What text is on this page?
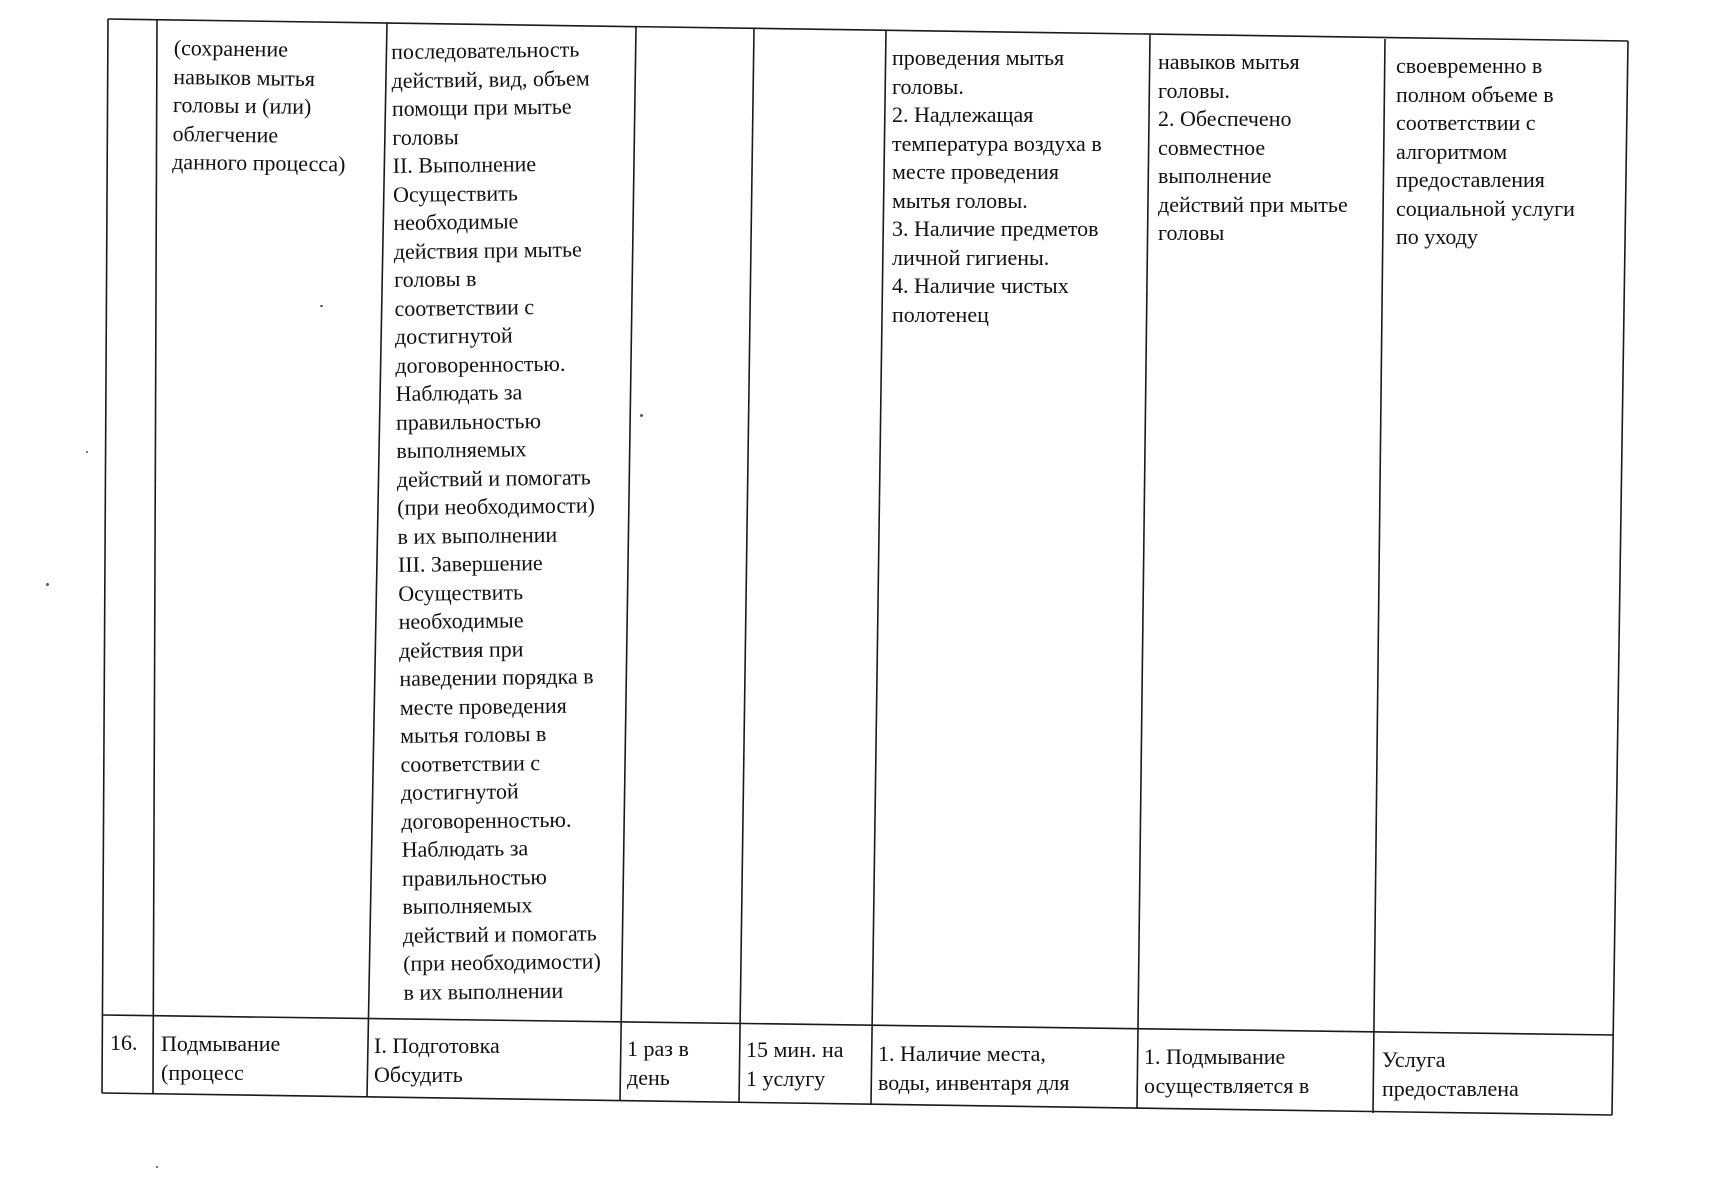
(сохранение
навыков мытья
головы и (или)
облегчение
данного процесса)

последовательность
действий, вид, объем
помощи при мытье
головы
II. Выполнение
Осуществить
необходимые
действия при мытье
головы в
соответствии с
достигнутой
договоренностью.
Наблюдать за
правильностью
выполняемых
действий и помогать
(при необходимости)
в их выполнении
III. Завершение
Осуществить
необходимые
действия при
наведении порядка в
месте проведения
мытья головы в
соответствии с
достигнутой
договоренностью.
Наблюдать за
правильностью
выполняемых
действий и помогать
(при необходимости)
в их выполнении

проведения мытья
головы.
2. Надлежащая
температура воздуха в
месте проведения
мытья головы.
3. Наличие предметов
личной гигиены.
4. Наличие чистых
полотенец

навыков мытья
головы.
2. Обеспечено
совместное
выполнение
действий при мытье
головы

своевременно в
полном объеме в
соответствии с
алгоритмом
предоставления
социальной услуги
по уходу

16. Подмывание
(процесс

I. Подготовка
Обсудить

1 раз в
день

15 мин. на
1 услугу

1. Наличие места,
воды, инвентаря для

1. Подмывание
осуществляется в

Услуга
предоставлена
